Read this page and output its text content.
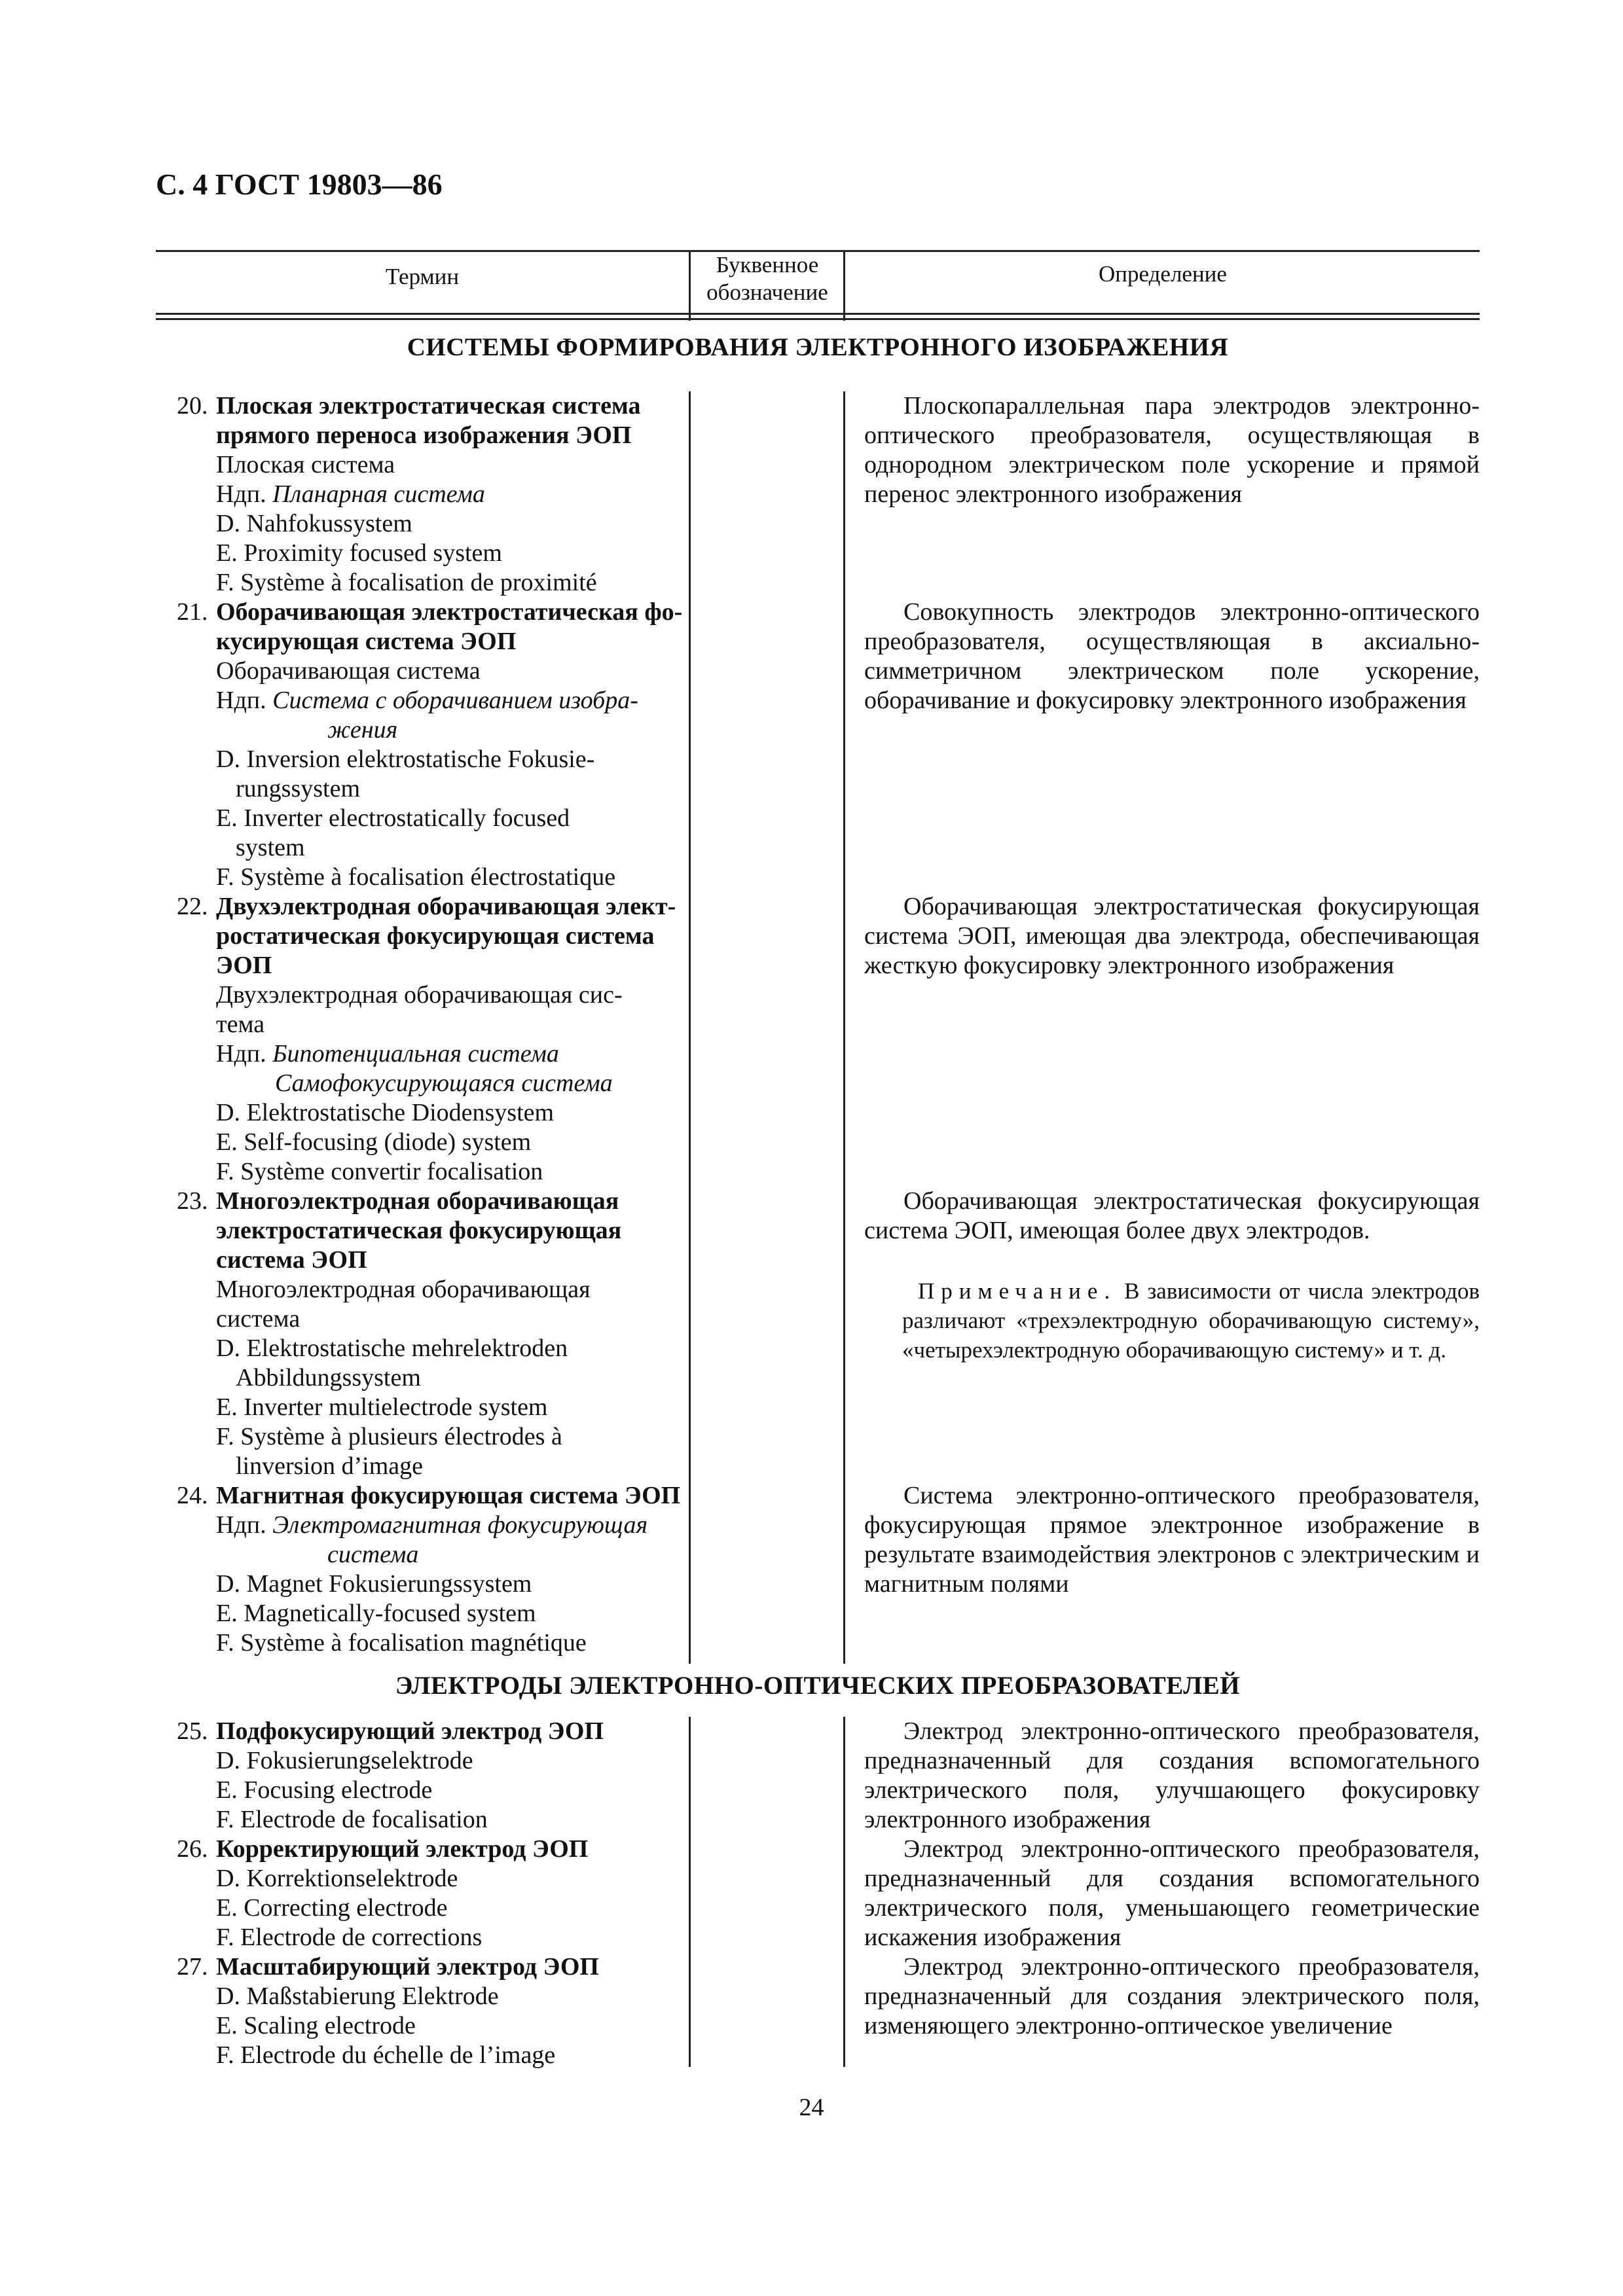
С. 4 ГОСТ 19803—86
Термин	Буквенное обозначение
Определение
СИСТЕМЫ ФОРМИРОВАНИЯ ЭЛЕКТРОННОГО ИЗОБРАЖЕНИЯ
20. Плоская электростатическая система
прямого переноса изображения ЭОП
Плоская система
Ндп. Планарная система
D. Nahfokussystem
E. Proximity focused system
F. Système à focalisation de proximité
Плоскопараллельная пара электродов электронно-оптического преобразователя, осуществляющая в однородном электрическом поле ускорение и прямой перенос электронного изображения
21. Оборачивающая электростатическая фо-
кусирующая система ЭОП
Оборачивающая система
Ндп. Система с оборачиванием изобра-
жения
D. Inversion elektrostatische Fokusie-
rungssystem
E. Inverter electrostatically focused
system
F. Système à focalisation électrostatique
Совокупность электродов электронно-оптического преобразователя, осуществляющая в аксиально-симметричном электрическом поле ускорение, оборачивание и фокусировку электронного изображения
22. Двухэлектродная оборачивающая элект-
ростатическая фокусирующая система
ЭОП
Двухэлектродная оборачивающая сис-
тема
Ндп. Бипотенциальная система
Самофокусирующаяся система
D. Elektrostatische Diodensystem
E. Self-focusing (diode) system
F. Système convertir focalisation
Оборачивающая электростатическая фокусирующая система ЭОП, имеющая два электрода, обеспечивающая жесткую фокусировку электронного изображения
23. Многоэлектродная оборачивающая
электростатическая фокусирующая
система ЭОП
Многоэлектродная оборачивающая
система
D. Elektrostatische mehrelektroden
Abbildungssystem
E. Inverter multielectrode system
F. Système à plusieurs électrodes à
linversion d’image
Оборачивающая электростатическая фокусирующая система ЭОП, имеющая более двух электродов.
Примечание. В зависимости от числа электродов различают «трехэлектродную оборачивающую систему», «четырехэлектродную оборачивающую систему» и т. д.
24. Магнитная фокусирующая система ЭОП
Ндп. Электромагнитная фокусирующая
система
D. Magnet Fokusierungssystem
E. Magnetically-focused system
F. Système à focalisation magnétique
Система электронно-оптического преобразователя, фокусирующая прямое электронное изображение в результате взаимодействия электронов с электрическим и магнитным полями
ЭЛЕКТРОДЫ ЭЛЕКТРОННО-ОПТИЧЕСКИХ ПРЕОБРАЗОВАТЕЛЕЙ
25. Подфокусирующий электрод ЭОП
D. Fokusierungselektrode
E. Focusing electrode
F. Electrode de focalisation
Электрод электронно-оптического преобразователя, предназначенный для создания вспомогательного электрического поля, улучшающего фокусировку электронного изображения
26. Корректирующий электрод ЭОП
D. Korrektionselektrode
E. Correcting electrode
F. Electrode de corrections
Электрод электронно-оптического преобразователя, предназначенный для создания вспомогательного электрического поля, уменьшающего геометрические искажения изображения
27. Масштабирующий электрод ЭОП
D. Maßstabierung Elektrode
E. Scaling electrode
F. Electrode du échelle de l’image
Электрод электронно-оптического преобразователя, предназначенный для создания электрического поля, изменяющего электронно-оптическое увеличение
24
